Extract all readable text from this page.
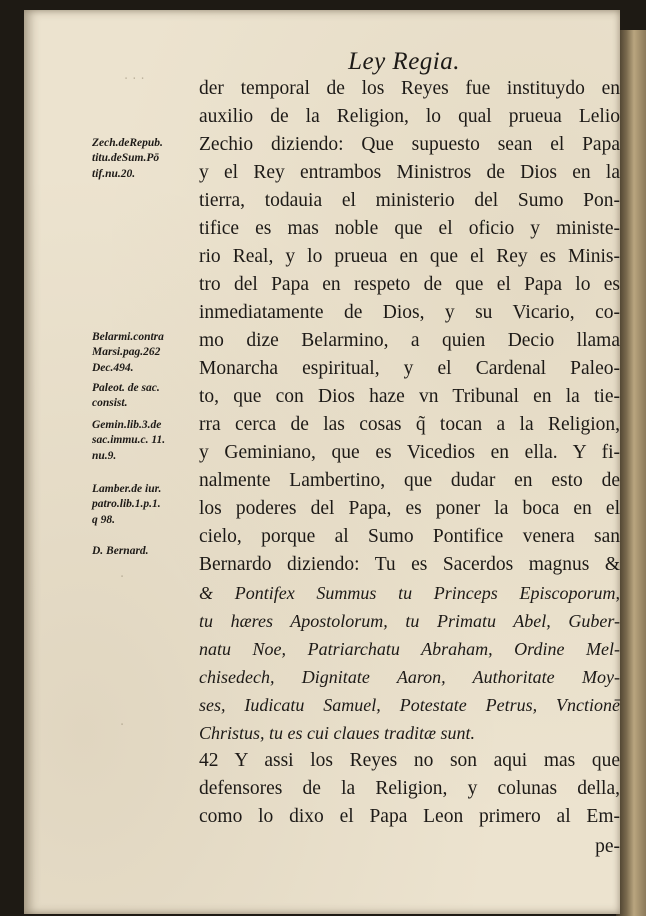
· · ·
·
·
Ley Regia.
Zech.deRepub.
titu.deSum.Pō
tif.nu.20.
Belarmi.contra
Marsi.pag.262
Dec.494.
Paleot. de sac.
consist.
Gemin.lib.3.de
sac.immu.c. 11.
nu.9.
Lamber.de iur.
patro.lib.1.p.1.
q 98.
D. Bernard.
der temporal de los Reyes fue instituydo en
auxilio de la Religion, lo qual prueua Lelio
Zechio diziendo: Que supuesto sean el Papa
y el Rey entrambos Ministros de Dios en la
tierra, todauia el ministerio del Sumo Pon-
tifice es mas noble que el oficio y ministe-
rio Real, y lo prueua en que el Rey es Minis-
tro del Papa en respeto de que el Papa lo es
inmediatamente de Dios, y su Vicario, co-
mo dize Belarmino, a quien Decio llama
Monarcha espiritual, y el Cardenal Paleo-
to, que con Dios haze vn Tribunal en la tie-
rra cerca de las cosas q̃ tocan a la Religion,
y Geminiano, que es Vicedios en ella. Y fi-
nalmente Lambertino, que dudar en esto de
los poderes del Papa, es poner la boca en el
cielo, porque al Sumo Pontifice venera san
Bernardo diziendo: Tu es Sacerdos magnus &
& Pontifex Summus tu Princeps Episcoporum,
tu hæres Apostolorum, tu Primatu Abel, Guber-
natu Noe, Patriarchatu Abraham, Ordine Mel-
chisedech, Dignitate Aaron, Authoritate Moy-
ses, Iudicatu Samuel, Potestate Petrus, Vnctionē
Christus, tu es cui claues traditæ sunt.
42 Y assi los Reyes no son aqui mas que
defensores de la Religion, y colunas della,
como lo dixo el Papa Leon primero al Em-
pe-
